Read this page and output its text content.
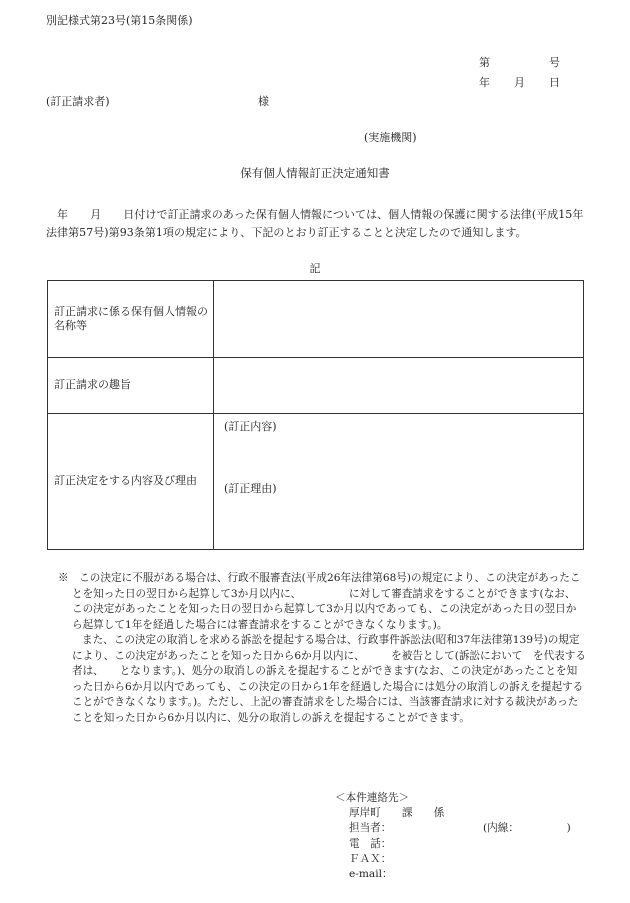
別記様式第23号(第15条関係)
第	号
年 月 日
(訂正請求者)	様
(実施機関)
保有個人情報訂正決定通知書
年　　月　　日付けで訂正請求のあった保有個人情報については、個人情報の保護に関する法律(平成15年法律第57号)第93条第1項の規定により、下記のとおり訂正することと決定したので通知します。
記
訂正請求に係る保有個人情報の名称等	
訂正請求の趣旨	
訂正決定をする内容及び理由	(訂正内容)
(訂正理由)

※　この決定に不服がある場合は、行政不服審査法(平成26年法律第68号)の規定により、この決定があったことを知った日の翌日から起算して3か月以内に、　　　　　に対して審査請求をすることができます(なお、この決定があったことを知った日の翌日から起算して3か月以内であっても、この決定があった日の翌日から起算して1年を経過した場合には審査請求をすることができなくなります。)。

また、この決定の取消しを求める訴訟を提起する場合は、行政事件訴訟法(昭和37年法律第139号)の規定により、この決定があったことを知った日から6か月以内に、　　　を被告として(訴訟において　を代表する者は、　　となります。)、処分の取消しの訴えを提起することができます(なお、この決定があったことを知った日から6か月以内であっても、この決定の日から1年を経過した場合には処分の取消しの訴えを提起することができなくなります。)。ただし、上記の審査請求をした場合には、当該審査請求に対する裁決があったことを知った日から6か月以内に、処分の取消しの訴えを提起することができます。

＜本件連絡先＞
厚岸町　　課　　係
担当者：	(内線：　　　　　)
電　話：
ＦＡＸ：
e-mail：
